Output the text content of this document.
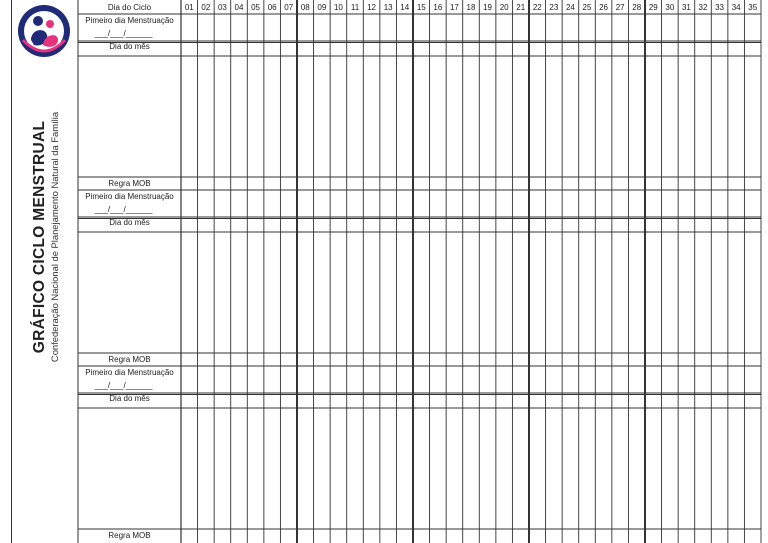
GRÁFICO CICLO MENSTRUAL Confederação Nacional de Planejamento Natural da Família
Dia do Ciclo	01 02 03 04 05 06 07 08 09 10 11 12 13 14 15 16 17 18 19 20 21 22 23 24 25 26 27 28 29 30 31 32 33 34 35
Pimeiro dia Menstruação
___/___/______
Dia do mês
Regra MOB
Pimeiro dia Menstruação
___/___/______
Dia do mês
Regra MOB
Pimeiro dia Menstruação
___/___/______
Dia do mês
Regra MOB
